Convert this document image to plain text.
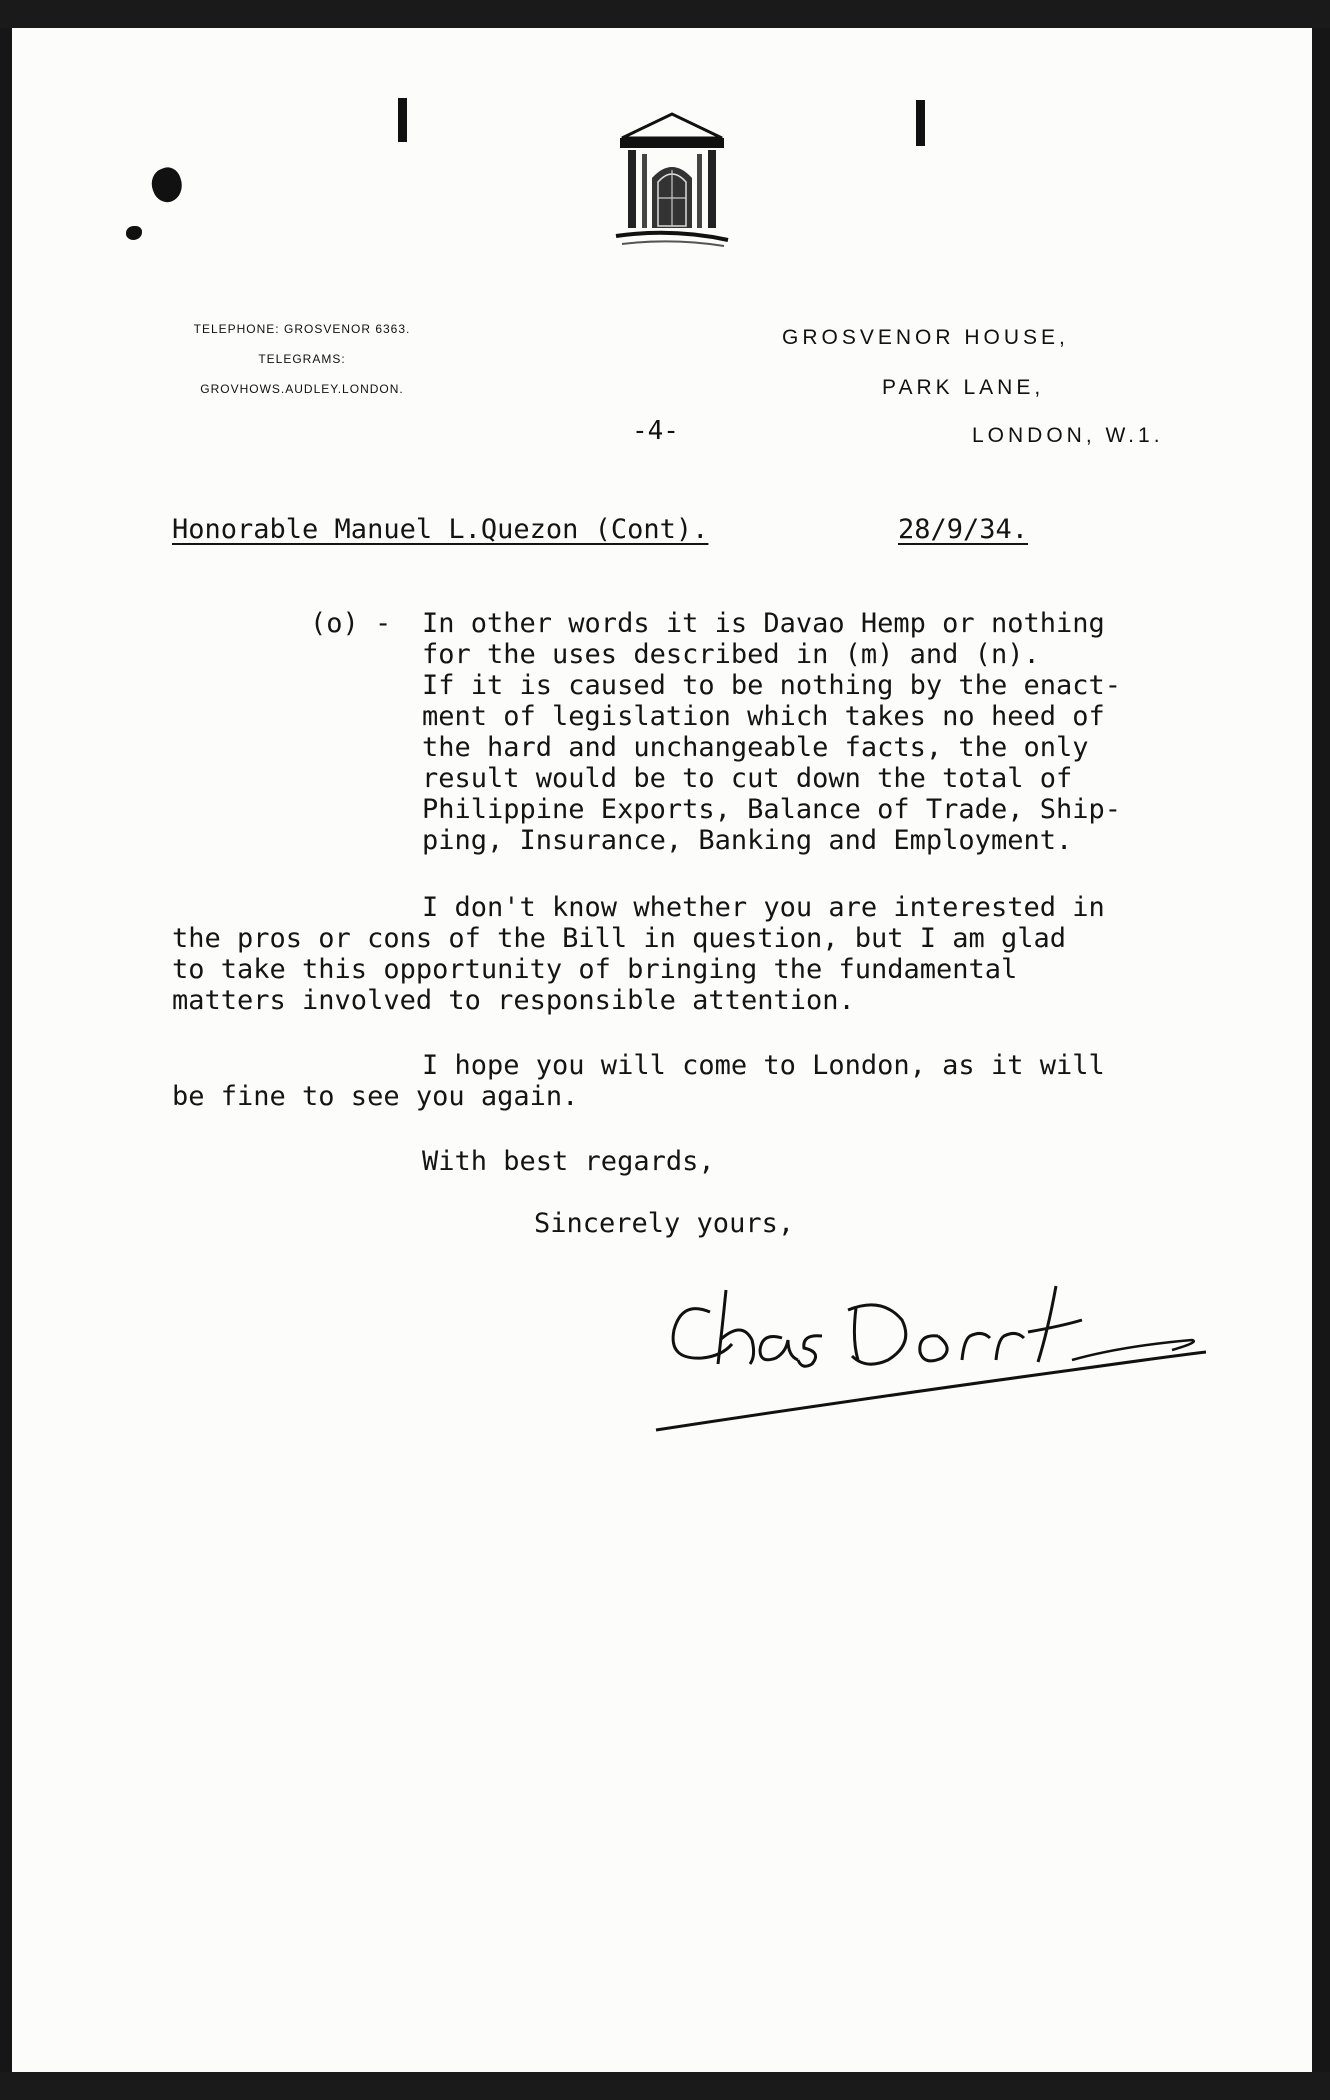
TELEPHONE: GROSVENOR 6363.
TELEGRAMS:
GROVHOWS.AUDLEY.LONDON.
GROSVENOR HOUSE,
PARK LANE,
LONDON, W.1.
-4-
Honorable Manuel L.Quezon (Cont).	28/9/34.
(o) - In other words it is Davao Hemp or nothing
for the uses described in (m) and (n).
If it is caused to be nothing by the enact-
ment of legislation which takes no heed of
the hard and unchangeable facts, the only
result would be to cut down the total of
Philippine Exports, Balance of Trade, Ship-
ping, Insurance, Banking and Employment.
I don't know whether you are interested in
the pros or cons of the Bill in question, but I am glad
to take this opportunity of bringing the fundamental
matters involved to responsible attention.
I hope you will come to London, as it will
be fine to see you again.
With best regards,
Sincerely yours,
